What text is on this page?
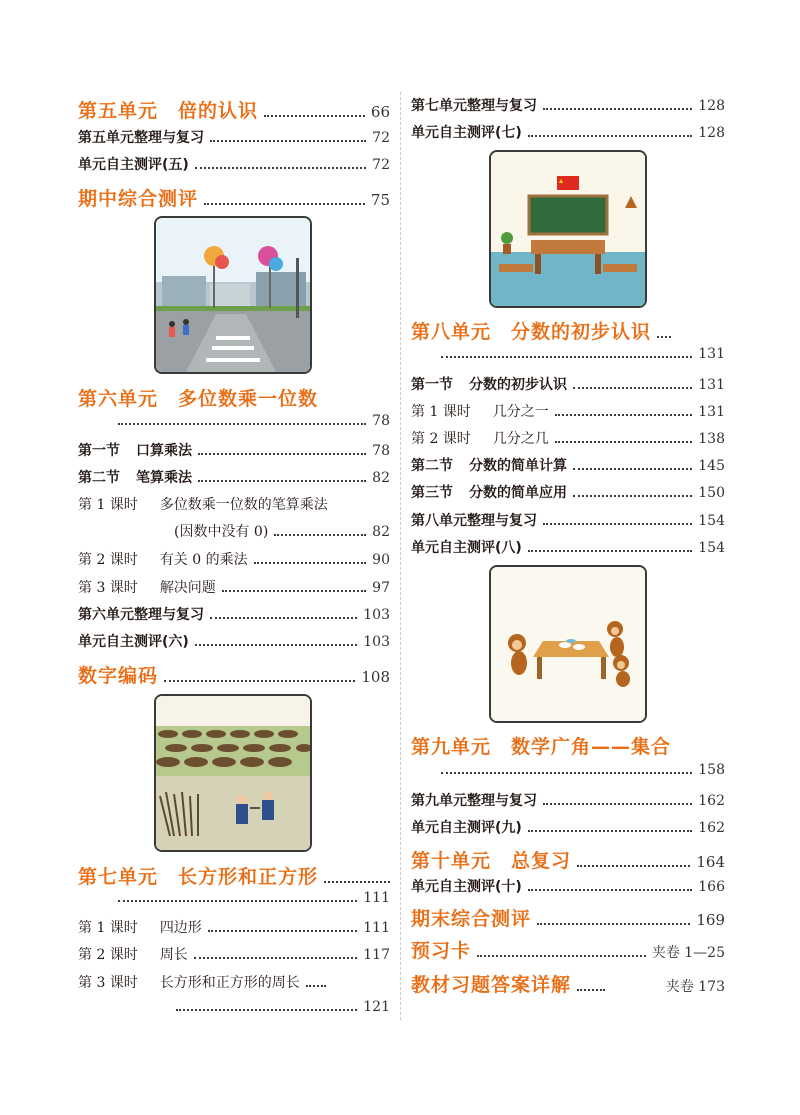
第五单元　倍的认识	66
第五单元整理与复习	72
单元自主测评(五)	72
期中综合测评	75
第六单元　多位数乘一位数
78
第一节 口算乘法	78
第二节 笔算乘法	82
第 1 课时 多位数乘一位数的笔算乘法
(因数中没有 0)	82
第 2 课时 有关 0 的乘法	90
第 3 课时 解决问题	97
第六单元整理与复习	103
单元自主测评(六)	103
数字编码	108
第七单元　长方形和正方形
111
第 1 课时 四边形	111
第 2 课时 周长	117
第 3 课时 长方形和正方形的周长
121
第七单元整理与复习	128
单元自主测评(七)	128
第八单元　分数的初步认识
131
第一节 分数的初步认识	131
第 1 课时 几分之一	131
第 2 课时 几分之几	138
第二节 分数的简单计算	145
第三节 分数的简单应用	150
第八单元整理与复习	154
单元自主测评(八)	154
第九单元　数学广角——集合
158
第九单元整理与复习	162
单元自主测评(九)	162
第十单元　总复习	164
单元自主测评(十)	166
期末综合测评	169
预习卡	夹卷 1—25
教材习题答案详解	夹卷 173
